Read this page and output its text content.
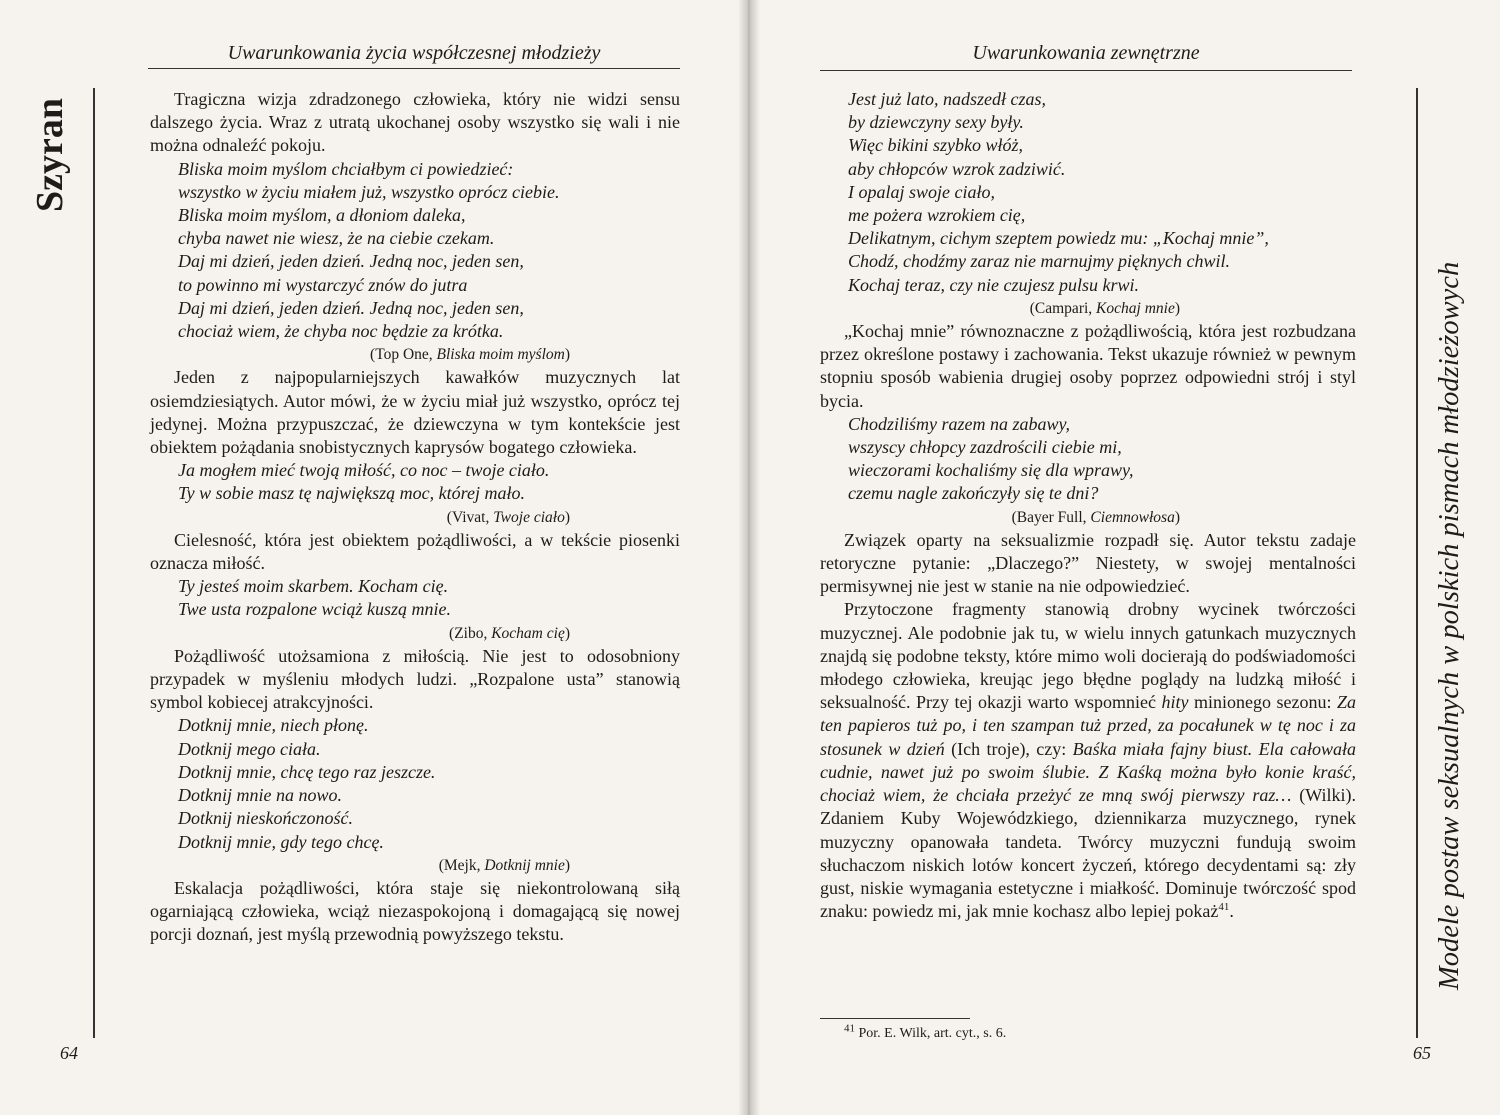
Szyran
Uwarunkowania życia współczesnej młodzieży

Tragiczna wizja zdradzonego człowieka, który nie widzi sensu dalszego życia. Wraz z utratą ukochanej osoby wszystko się wali i nie można odnaleźć pokoju.

Bliska moim myślom chciałbym ci powiedzieć:
wszystko w życiu miałem już, wszystko oprócz ciebie.
Bliska moim myślom, a dłoniom daleka,
chyba nawet nie wiesz, że na ciebie czekam.
Daj mi dzień, jeden dzień. Jedną noc, jeden sen,
to powinno mi wystarczyć znów do jutra
Daj mi dzień, jeden dzień. Jedną noc, jeden sen,
chociaż wiem, że chyba noc będzie za krótka.
(Top One, Bliska moim myślom)

Jeden z najpopularniejszych kawałków muzycznych lat osiemdziesiątych. Autor mówi, że w życiu miał już wszystko, oprócz tej jedynej. Można przypuszczać, że dziewczyna w tym kontekście jest obiektem pożądania snobistycznych kaprysów bogatego człowieka.

Ja mogłem mieć twoją miłość, co noc – twoje ciało.
Ty w sobie masz tę największą moc, której mało.
(Vivat, Twoje ciało)

Cielesność, która jest obiektem pożądliwości, a w tekście piosenki oznacza miłość.

Ty jesteś moim skarbem. Kocham cię.
Twe usta rozpalone wciąż kuszą mnie.
(Zibo, Kocham cię)

Pożądliwość utożsamiona z miłością. Nie jest to odosobniony przypadek w myśleniu młodych ludzi. „Rozpalone usta” stanowią symbol kobiecej atrakcyjności.

Dotknij mnie, niech płonę.
Dotknij mego ciała.
Dotknij mnie, chcę tego raz jeszcze.
Dotknij mnie na nowo.
Dotknij nieskończoność.
Dotknij mnie, gdy tego chcę.
(Mejk, Dotknij mnie)

Eskalacja pożądliwości, która staje się niekontrolowaną siłą ogarniającą człowieka, wciąż niezaspokojoną i domagającą się nowej porcji doznań, jest myślą przewodnią powyższego tekstu.

64
Uwarunkowania zewnętrzne
Jest już lato, nadszedł czas,
by dziewczyny sexy były.
Więc bikini szybko włóż,
aby chłopców wzrok zadziwić.
I opalaj swoje ciało,
me pożera wzrokiem cię,
Delikatnym, cichym szeptem powiedz mu: „Kochaj mnie”,
Chodź, chodźmy zaraz nie marnujmy pięknych chwil.
Kochaj teraz, czy nie czujesz pulsu krwi.
(Campari, Kochaj mnie)

„Kochaj mnie” równoznaczne z pożądliwością, która jest rozbudzana przez określone postawy i zachowania. Tekst ukazuje również w pewnym stopniu sposób wabienia drugiej osoby poprzez odpowiedni strój i styl bycia.

Chodziliśmy razem na zabawy,
wszyscy chłopcy zazdrościli ciebie mi,
wieczorami kochaliśmy się dla wprawy,
czemu nagle zakończyły się te dni?
(Bayer Full, Ciemnowłosa)

Związek oparty na seksualizmie rozpadł się. Autor tekstu zadaje retoryczne pytanie: „Dlaczego?” Niestety, w swojej mentalności permisywnej nie jest w stanie na nie odpowiedzieć.

Przytoczone fragmenty stanowią drobny wycinek twórczości muzycznej. Ale podobnie jak tu, w wielu innych gatunkach muzycznych znajdą się podobne teksty, które mimo woli docierają do podświadomości młodego człowieka, kreując jego błędne poglądy na ludzką miłość i seksualność. Przy tej okazji warto wspomnieć hity minionego sezonu: Za ten papieros tuż po, i ten szampan tuż przed, za pocałunek w tę noc i za stosunek w dzień (Ich troje), czy: Baśka miała fajny biust. Ela całowała cudnie, nawet już po swoim ślubie. Z Kaśką można było konie kraść, chociaż wiem, że chciała przeżyć ze mną swój pierwszy raz… (Wilki). Zdaniem Kuby Wojewódzkiego, dziennikarza muzycznego, rynek muzyczny opanowała tandeta. Twórcy muzyczni fundują swoim słuchaczom niskich lotów koncert życzeń, którego decydentami są: zły gust, niskie wymagania estetyczne i miałkość. Dominuje twórczość spod znaku: powiedz mi, jak mnie kochasz albo lepiej pokaż$^{41}$.

$^{41}$ Por. E. Wilk, art. cyt., s. 6.
Modele postaw seksualnych w polskich pismach młodzieżowych
65
